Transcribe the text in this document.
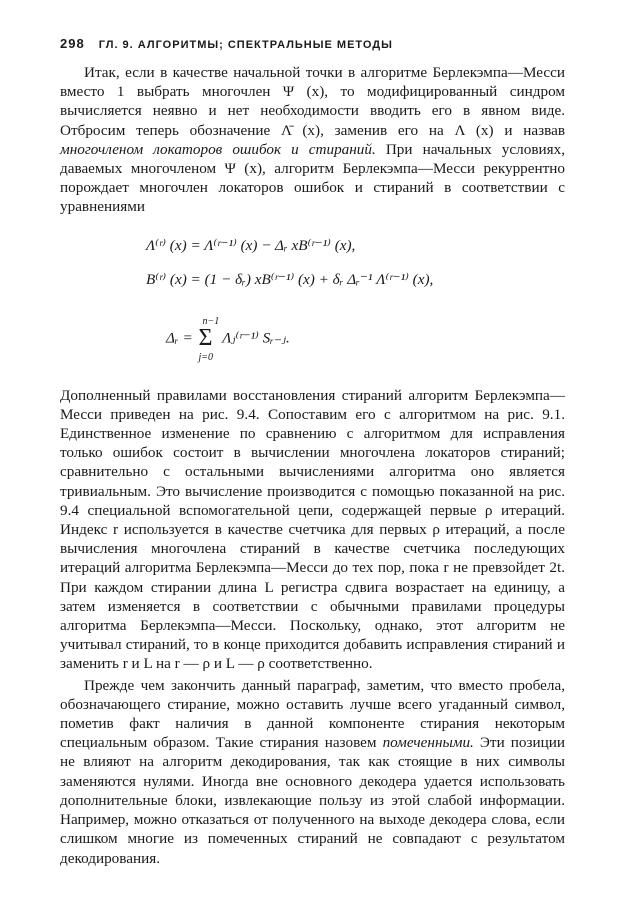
298 ГЛ. 9. АЛГОРИТМЫ; СПЕКТРАЛЬНЫЕ МЕТОДЫ

Итак, если в качестве начальной точки в алгоритме Берлекэмпа—Месси вместо 1 выбрать многочлен Ψ (x), то модифицированный синдром вычисляется неявно и нет необходимости вводить его в явном виде. Отбросим теперь обозначение Λ̄ (x), заменив его на Λ (x) и назвав многочленом локаторов ошибок и стираний. При начальных условиях, даваемых многочленом Ψ (x), алгоритм Берлекэмпа—Месси рекуррентно порождает многочлен локаторов ошибок и стираний в соответствии с уравнениями

Λ⁽ʳ⁾ (x) = Λ⁽ʳ⁻¹⁾ (x) − Δᵣ xB⁽ʳ⁻¹⁾ (x),
B⁽ʳ⁾ (x) = (1 − δᵣ) xB⁽ʳ⁻¹⁾ (x) + δᵣ Δᵣ⁻¹ Λ⁽ʳ⁻¹⁾ (x),
Δᵣ =
n−1
Σ
j=0
Λⱼ⁽ʳ⁻¹⁾ Sᵣ₋ⱼ.

Дополненный правилами восстановления стираний алгоритм Берлекэмпа—Месси приведен на рис. 9.4. Сопоставим его с алгоритмом на рис. 9.1. Единственное изменение по сравнению с алгоритмом для исправления только ошибок состоит в вычислении многочлена локаторов стираний; сравнительно с остальными вычислениями алгоритма оно является тривиальным. Это вычисление производится с помощью показанной на рис. 9.4 специальной вспомогательной цепи, содержащей первые ρ итераций. Индекс r используется в качестве счетчика для первых ρ итераций, а после вычисления многочлена стираний в качестве счетчика последующих итераций алгоритма Берлекэмпа—Месси до тех пор, пока r не превзойдет 2t. При каждом стирании длина L регистра сдвига возрастает на единицу, а затем изменяется в соответствии с обычными правилами процедуры алгоритма Берлекэмпа—Месси. Поскольку, однако, этот алгоритм не учитывал стираний, то в конце приходится добавить исправления стираний и заменить r и L на r — ρ и L — ρ соответственно.

Прежде чем закончить данный параграф, заметим, что вместо пробела, обозначающего стирание, можно оставить лучше всего угаданный символ, пометив факт наличия в данной компоненте стирания некоторым специальным образом. Такие стирания назовем помеченными. Эти позиции не влияют на алгоритм декодирования, так как стоящие в них символы заменяются нулями. Иногда вне основного декодера удается использовать дополнительные блоки, извлекающие пользу из этой слабой информации. Например, можно отказаться от полученного на выходе декодера слова, если слишком многие из помеченных стираний не совпадают с результатом декодирования.
